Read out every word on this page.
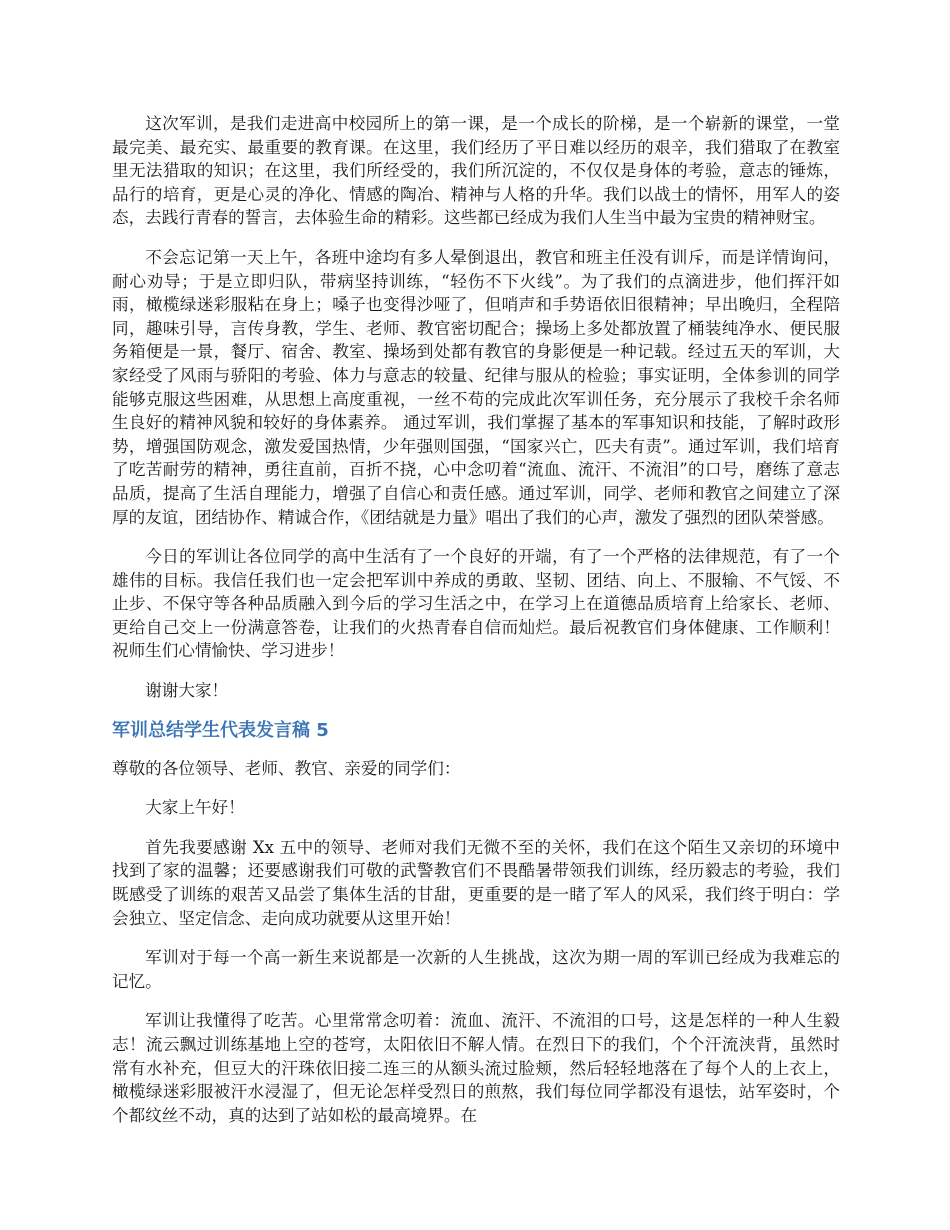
这次军训，是我们走进高中校园所上的第一课，是一个成长的阶梯，是一个崭新的课堂，一堂最完美、最充实、最重要的教育课。在这里，我们经历了平日难以经历的艰辛，我们猎取了在教室里无法猎取的知识；在这里，我们所经受的，我们所沉淀的，不仅仅是身体的考验，意志的锤炼，品行的培育，更是心灵的净化、情感的陶冶、精神与人格的升华。我们以战士的情怀，用军人的姿态，去践行青春的誓言，去体验生命的精彩。这些都已经成为我们人生当中最为宝贵的精神财宝。

不会忘记第一天上午，各班中途均有多人晕倒退出，教官和班主任没有训斥，而是详情询问，耐心劝导；于是立即归队，带病坚持训练，“轻伤不下火线”。为了我们的点滴进步，他们挥汗如雨，橄榄绿迷彩服粘在身上；嗓子也变得沙哑了，但哨声和手势语依旧很精神；早出晚归，全程陪同，趣味引导，言传身教，学生、老师、教官密切配合；操场上多处都放置了桶装纯净水、便民服务箱便是一景，餐厅、宿舍、教室、操场到处都有教官的身影便是一种记载。经过五天的军训，大家经受了风雨与骄阳的考验、体力与意志的较量、纪律与服从的检验；事实证明，全体参训的同学能够克服这些困难，从思想上高度重视，一丝不苟的完成此次军训任务，充分展示了我校千余名师生良好的精神风貌和较好的身体素养。 通过军训，我们掌握了基本的军事知识和技能，了解时政形势，增强国防观念，激发爱国热情，少年强则国强，“国家兴亡，匹夫有责”。通过军训，我们培育了吃苦耐劳的精神，勇往直前，百折不挠，心中念叨着“流血、流汗、不流泪”的口号，磨练了意志品质，提高了生活自理能力，增强了自信心和责任感。通过军训，同学、老师和教官之间建立了深厚的友谊，团结协作、精诚合作，《团结就是力量》唱出了我们的心声，激发了强烈的团队荣誉感。

今日的军训让各位同学的高中生活有了一个良好的开端，有了一个严格的法律规范，有了一个雄伟的目标。我信任我们也一定会把军训中养成的勇敢、坚韧、团结、向上、不服输、不气馁、不止步、不保守等各种品质融入到今后的学习生活之中，在学习上在道德品质培育上给家长、老师、更给自己交上一份满意答卷，让我们的火热青春自信而灿烂。最后祝教官们身体健康、工作顺利！祝师生们心情愉快、学习进步！

谢谢大家！

军训总结学生代表发言稿 5

尊敬的各位领导、老师、教官、亲爱的同学们：

大家上午好！

首先我要感谢 Xx 五中的领导、老师对我们无微不至的关怀，我们在这个陌生又亲切的环境中找到了家的温馨；还要感谢我们可敬的武警教官们不畏酷暑带领我们训练，经历毅志的考验，我们既感受了训练的艰苦又品尝了集体生活的甘甜，更重要的是一睹了军人的风采，我们终于明白：学会独立、坚定信念、走向成功就要从这里开始！

军训对于每一个高一新生来说都是一次新的人生挑战，这次为期一周的军训已经成为我难忘的记忆。

军训让我懂得了吃苦。心里常常念叨着：流血、流汗、不流泪的口号，这是怎样的一种人生毅志！流云飘过训练基地上空的苍穹，太阳依旧不解人情。在烈日下的我们，个个汗流浃背，虽然时常有水补充，但豆大的汗珠依旧接二连三的从额头流过脸颊，然后轻轻地落在了每个人的上衣上，橄榄绿迷彩服被汗水浸湿了，但无论怎样受烈日的煎熬，我们每位同学都没有退怯，站军姿时，个个都纹丝不动，真的达到了站如松的最高境界。在
